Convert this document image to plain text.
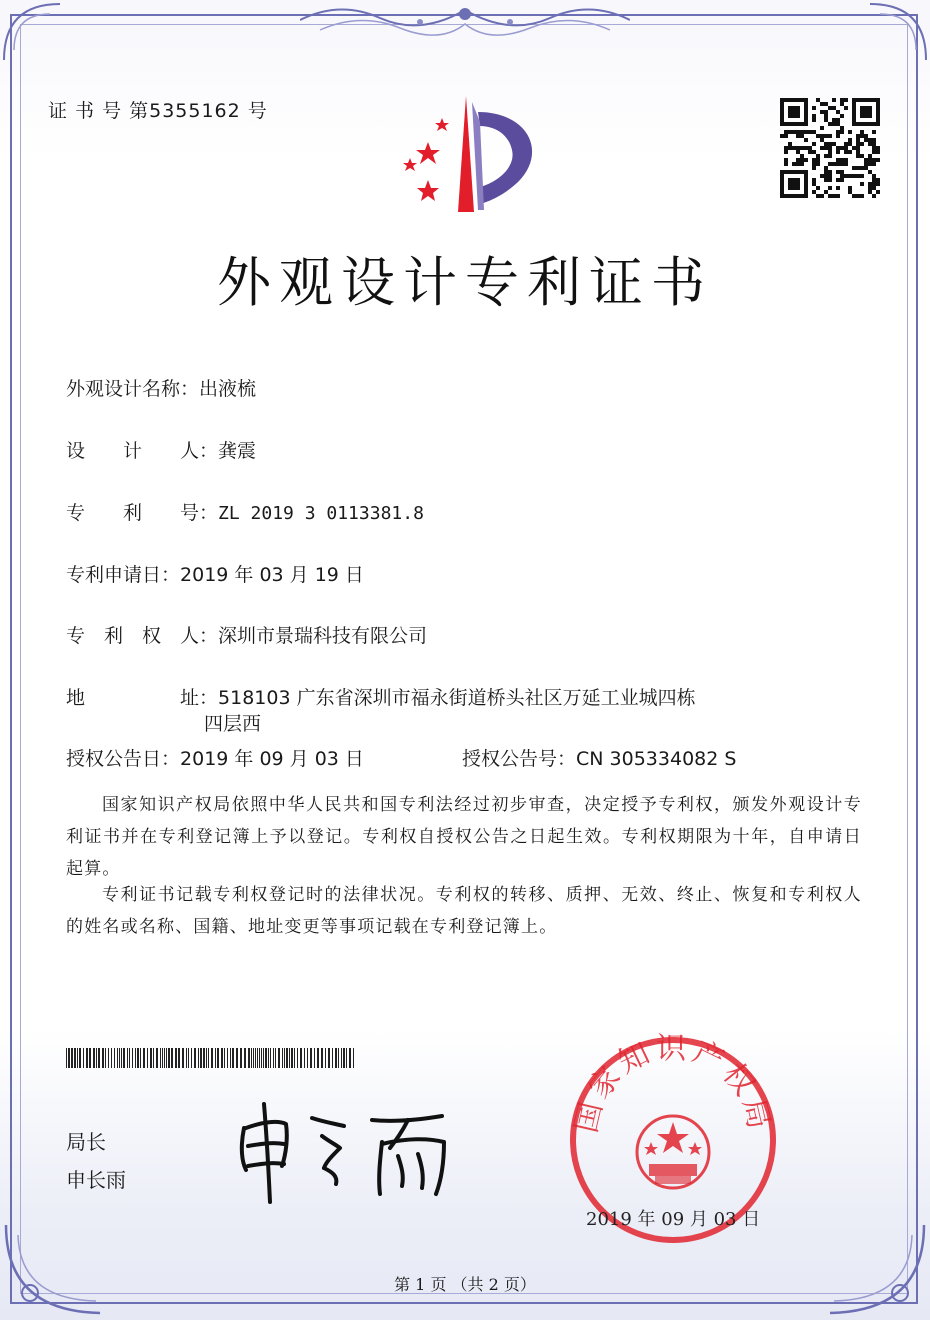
证 书 号 第5355162 号
外观设计专利证书
外观设计名称：出液梳
设　　计　　人：龚震
专　　利　　号：ZL 2019 3 0113381.8
专利申请日：2019 年 03 月 19 日
专　利　权　人：深圳市景瑞科技有限公司
地　　　　　址：518103 广东省深圳市福永街道桥头社区万延工业城四栋
四层西
授权公告日：2019 年 09 月 03 日	授权公告号：CN 305334082 S
国家知识产权局依照中华人民共和国专利法经过初步审查，决定授予专利权，颁发外观设计专利证书并在专利登记簿上予以登记。专利权自授权公告之日起生效。专利权期限为十年，自申请日起算。
专利证书记载专利权登记时的法律状况。专利权的转移、质押、无效、终止、恢复和专利权人的姓名或名称、国籍、地址变更等事项记载在专利登记簿上。
局长
申长雨
国家知识产权局
2019 年 09 月 03 日
第 1 页 （共 2 页）
